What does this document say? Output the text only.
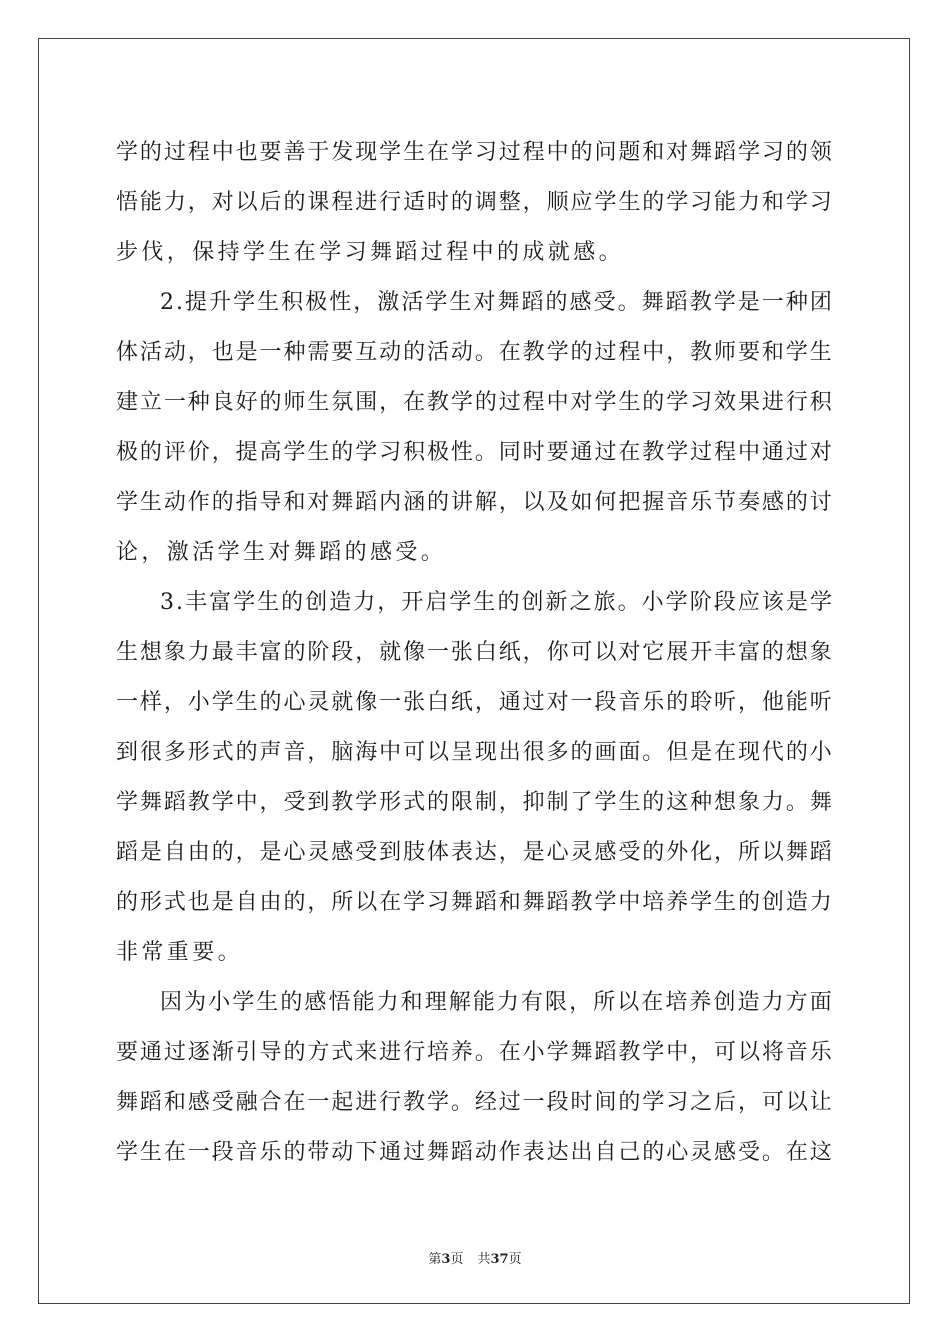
学 的 过 程 中 也 要 善 于 发 现 学 生 在 学 习 过 程 中 的 问 题 和 对 舞 蹈 学 习 的 领
悟 能 力 ， 对 以 后 的 课 程 进 行 适 时 的 调 整 ， 顺 应 学 生 的 学 习 能 力 和 学 习
步伐，保持学生在学习舞蹈过程中的成就感。
2 . 提 升 学 生 积 极 性 ， 激 活 学 生 对 舞 蹈 的 感 受 。 舞 蹈 教 学 是 一 种 团
体 活 动 ， 也 是 一 种 需 要 互 动 的 活 动 。 在 教 学 的 过 程 中 ， 教 师 要 和 学 生
建 立 一 种 良 好 的 师 生 氛 围 ， 在 教 学 的 过 程 中 对 学 生 的 学 习 效 果 进 行 积
极 的 评 价 ， 提 高 学 生 的 学 习 积 极 性 。 同 时 要 通 过 在 教 学 过 程 中 通 过 对
学 生 动 作 的 指 导 和 对 舞 蹈 内 涵 的 讲 解 ， 以 及 如 何 把 握 音 乐 节 奏 感 的 讨
论，激活学生对舞蹈的感受。
3 . 丰 富 学 生 的 创 造 力 ， 开 启 学 生 的 创 新 之 旅 。 小 学 阶 段 应 该 是 学
生 想 象 力 最 丰 富 的 阶 段 ， 就 像 一 张 白 纸 ， 你 可 以 对 它 展 开 丰 富 的 想 象
一 样 ， 小 学 生 的 心 灵 就 像 一 张 白 纸 ， 通 过 对 一 段 音 乐 的 聆 听 ， 他 能 听
到 很 多 形 式 的 声 音 ， 脑 海 中 可 以 呈 现 出 很 多 的 画 面 。 但 是 在 现 代 的 小
学 舞 蹈 教 学 中 ， 受 到 教 学 形 式 的 限 制 ， 抑 制 了 学 生 的 这 种 想 象 力 。 舞
蹈 是 自 由 的 ， 是 心 灵 感 受 到 肢 体 表 达 ， 是 心 灵 感 受 的 外 化 ， 所 以 舞 蹈
的 形 式 也 是 自 由 的 ， 所 以 在 学 习 舞 蹈 和 舞 蹈 教 学 中 培 养 学 生 的 创 造 力
非常重要。
因 为 小 学 生 的 感 悟 能 力 和 理 解 能 力 有 限 ， 所 以 在 培 养 创 造 力 方 面
要 通 过 逐 渐 引 导 的 方 式 来 进 行 培 养 。 在 小 学 舞 蹈 教 学 中 ， 可 以 将 音 乐
舞 蹈 和 感 受 融 合 在 一 起 进 行 教 学 。 经 过 一 段 时 间 的 学 习 之 后 ， 可 以 让
学 生 在 一 段 音 乐 的 带 动 下 通 过 舞 蹈 动 作 表 达 出 自 己 的 心 灵 感 受 。 在 这
第3页 共37页
